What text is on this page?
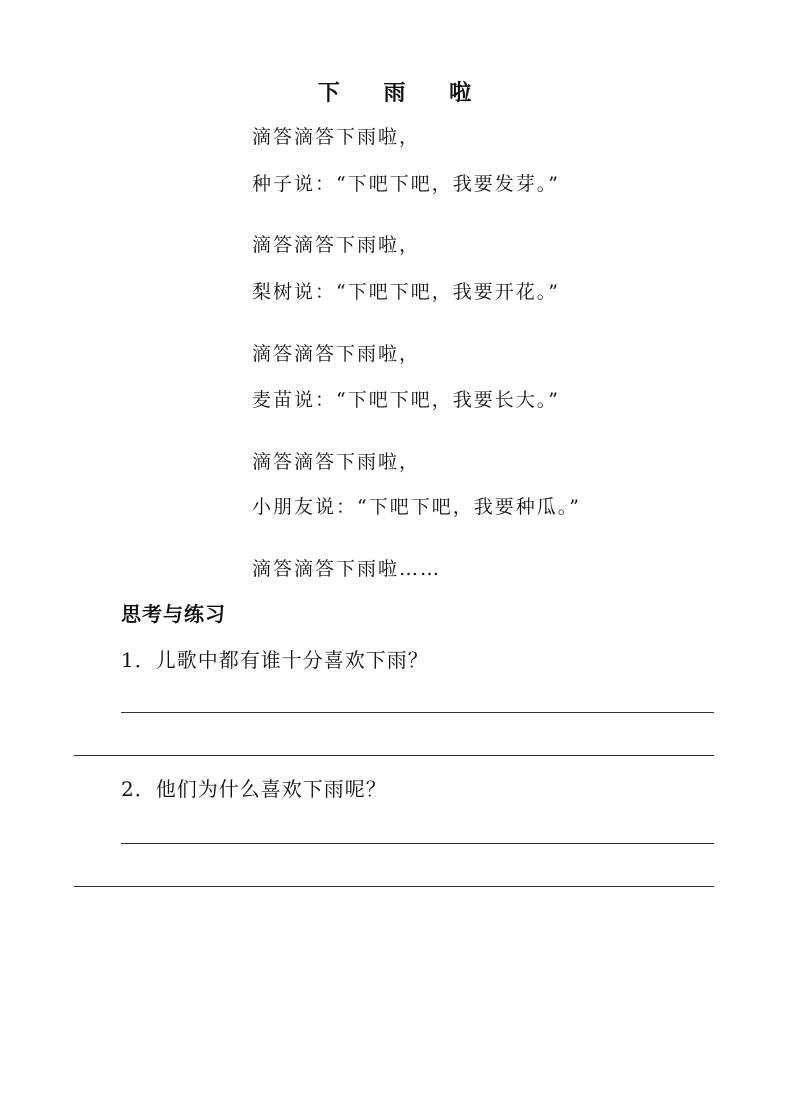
下 雨 啦
滴答滴答下雨啦，
种子说：“下吧下吧，我要发芽。”
滴答滴答下雨啦，
梨树说：“下吧下吧，我要开花。”
滴答滴答下雨啦，
麦苗说：“下吧下吧，我要长大。”
滴答滴答下雨啦，
小朋友说：“下吧下吧，我要种瓜。”
滴答滴答下雨啦……
思考与练习
1．儿歌中都有谁十分喜欢下雨？
2．他们为什么喜欢下雨呢？
